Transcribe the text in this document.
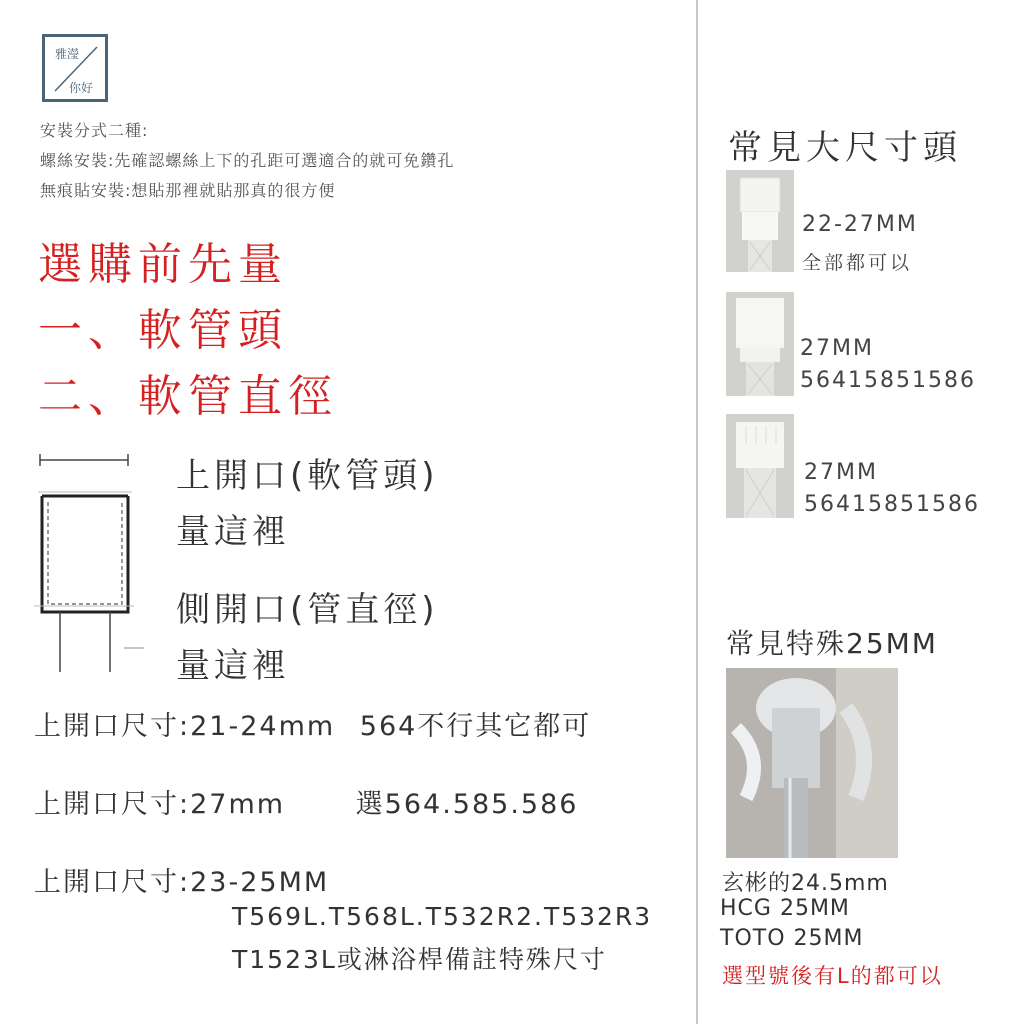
雅瀅
你好
安裝分式二種:
螺絲安裝:先確認螺絲上下的孔距可選適合的就可免鑽孔
無痕貼安裝:想貼那裡就貼那真的很方便
選購前先量
一、軟管頭
二、軟管直徑
上開口(軟管頭)
量這裡
側開口(管直徑)
量這裡
上開口尺寸:21-24mm 564不行其它都可
上開口尺寸:27mm	選564.585.586
上開口尺寸:23-25MM
T569L.T568L.T532R2.T532R3
T1523L或淋浴桿備註特殊尺寸
常見大尺寸頭
22-27MM
全部都可以
27MM
56415851586
27MM
56415851586
常見特殊25MM
玄彬的24.5mm
HCG 25MM
TOTO 25MM
選型號後有L的都可以
